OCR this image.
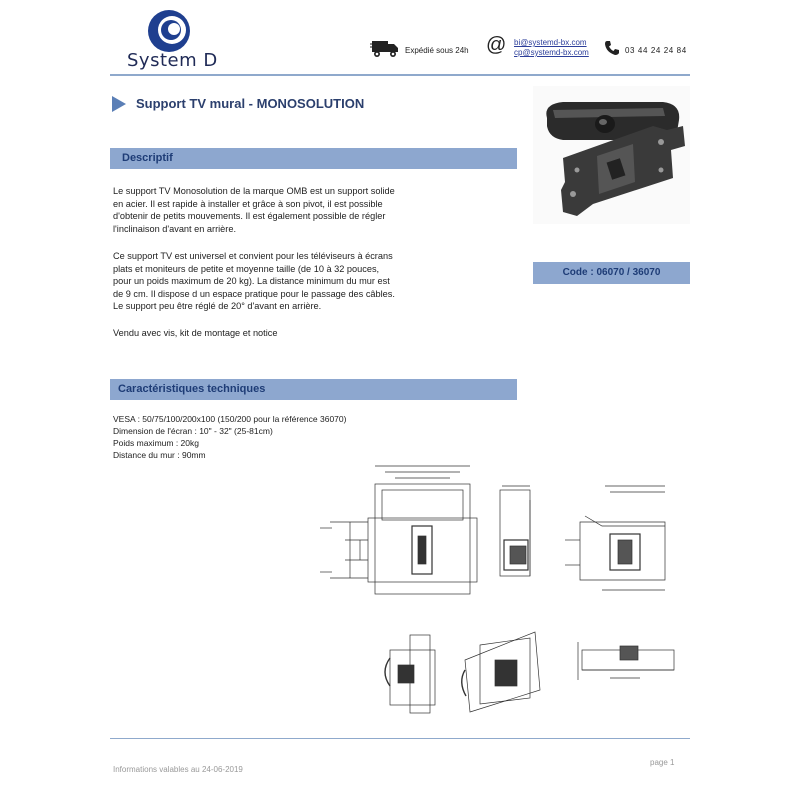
System D	Expédié sous 24h @ bi@systemd-bx.com
cp@systemd-bx.com	03 44 24 24 84
Support TV mural - MONOSOLUTION
Descriptif
Code : 06070 / 36070
Le support TV Monosolution de la marque OMB est un support solide
en acier. Il est rapide à installer et grâce à son pivot, il est possible
d'obtenir de petits mouvements. Il est également possible de régler
l'inclinaison d'avant en arrière.
Ce support TV est universel et convient pour les téléviseurs à écrans
plats et moniteurs de petite et moyenne taille (de 10 à 32 pouces,
pour un poids maximum de 20 kg). La distance minimum du mur est
de 9 cm. Il dispose d un espace pratique pour le passage des câbles.
Le support peu être réglé de 20° d'avant en arrière.
Vendu avec vis, kit de montage et notice
Caractéristiques techniques
VESA : 50/75/100/200x100 (150/200 pour la référence 36070)
Dimension de l'écran : 10" - 32" (25-81cm)
Poids maximum : 20kg
Distance du mur : 90mm
Informations valables au 24-06-2019
page 1
